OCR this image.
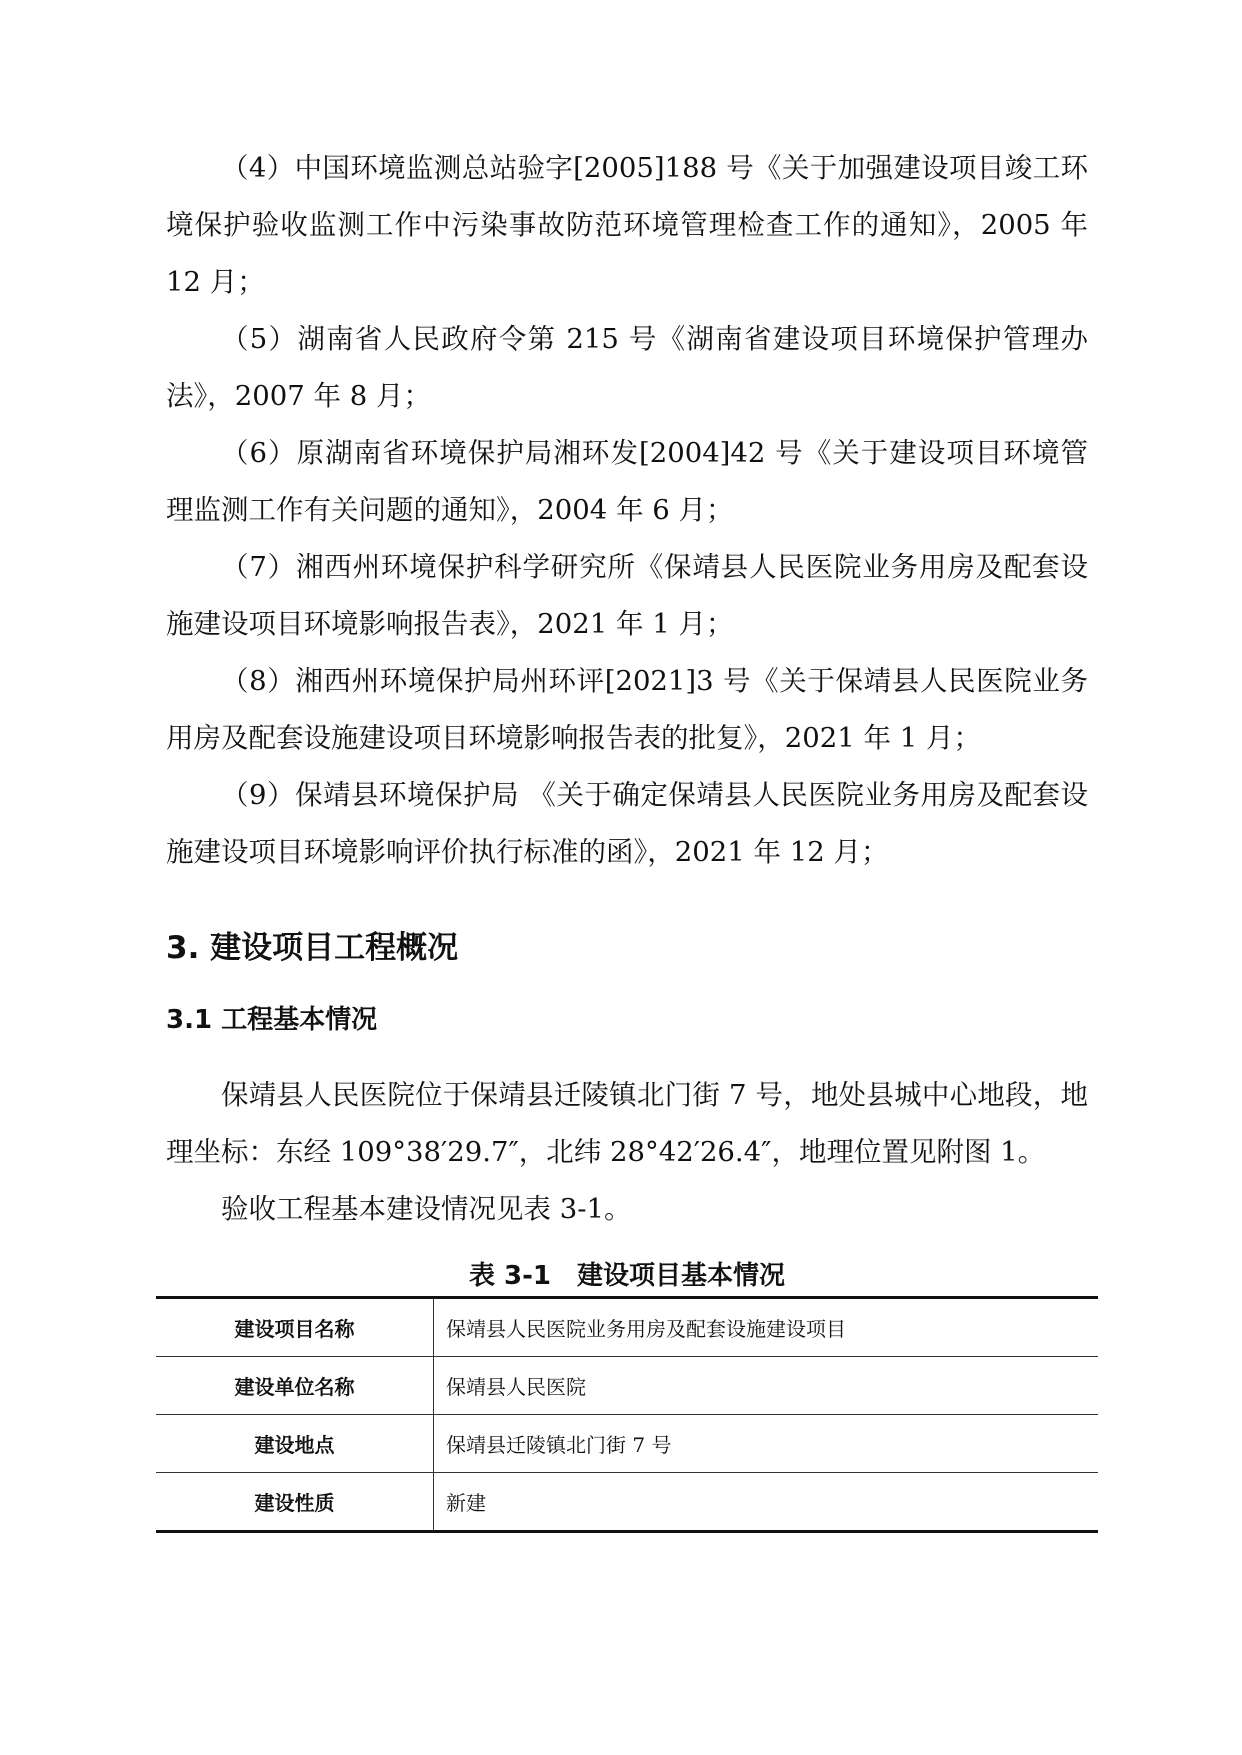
（4）中国环境监测总站验字[2005]188 号《关于加强建设项目竣工环境保护验收监测工作中污染事故防范环境管理检查工作的通知》，2005 年 12 月；

（5）湖南省人民政府令第 215 号《湖南省建设项目环境保护管理办法》，2007 年 8 月；

（6）原湖南省环境保护局湘环发[2004]42 号《关于建设项目环境管理监测工作有关问题的通知》，2004 年 6 月；

（7）湘西州环境保护科学研究所《保靖县人民医院业务用房及配套设施建设项目环境影响报告表》，2021 年 1 月；

（8）湘西州环境保护局州环评[2021]3 号《关于保靖县人民医院业务用房及配套设施建设项目环境影响报告表的批复》，2021 年 1 月；

（9）保靖县环境保护局 《关于确定保靖县人民医院业务用房及配套设施建设项目环境影响评价执行标准的函》，2021 年 12 月；

3. 建设项目工程概况
3.1 工程基本情况

保靖县人民医院位于保靖县迁陵镇北门街 7 号，地处县城中心地段，地理坐标：东经 109°38′29.7″，北纬 28°42′26.4″，地理位置见附图 1。

验收工程基本建设情况见表 3-1。

表 3-1 建设项目基本情况
建设项目名称	保靖县人民医院业务用房及配套设施建设项目
建设单位名称	保靖县人民医院
建设地点	保靖县迁陵镇北门街 7 号
建设性质	新建
